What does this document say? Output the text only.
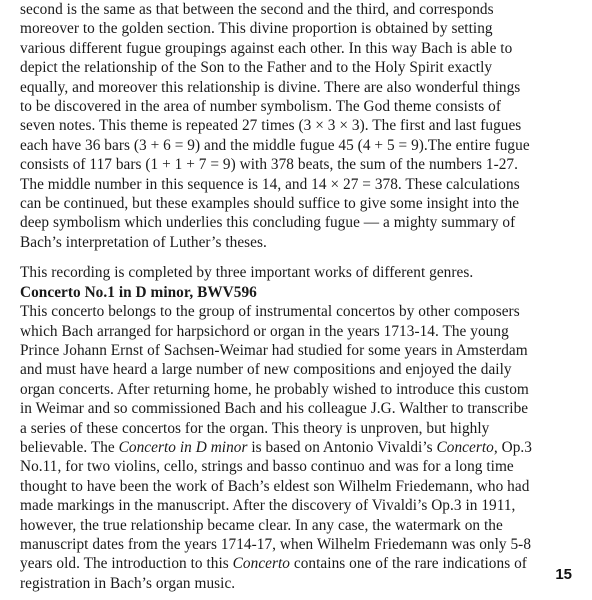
second is the same as that between the second and the third, and corresponds
moreover to the golden section. This divine proportion is obtained by setting
various different fugue groupings against each other. In this way Bach is able to
depict the relationship of the Son to the Father and to the Holy Spirit exactly
equally, and moreover this relationship is divine. There are also wonderful things
to be discovered in the area of number symbolism. The God theme consists of
seven notes. This theme is repeated 27 times (3 × 3 × 3). The first and last fugues
each have 36 bars (3 + 6 = 9) and the middle fugue 45 (4 + 5 = 9).The entire fugue
consists of 117 bars (1 + 1 + 7 = 9) with 378 beats, the sum of the numbers 1-27.
The middle number in this sequence is 14, and 14 × 27 = 378. These calculations
can be continued, but these examples should suffice to give some insight into the
deep symbolism which underlies this concluding fugue — a mighty summary of
Bach’s interpretation of Luther’s theses.
This recording is completed by three important works of different genres.
Concerto No.1 in D minor, BWV596
This concerto belongs to the group of instrumental concertos by other composers
which Bach arranged for harpsichord or organ in the years 1713-14. The young
Prince Johann Ernst of Sachsen-Weimar had studied for some years in Amsterdam
and must have heard a large number of new compositions and enjoyed the daily
organ concerts. After returning home, he probably wished to introduce this custom
in Weimar and so commissioned Bach and his colleague J.G. Walther to transcribe
a series of these concertos for the organ. This theory is unproven, but highly
believable. The Concerto in D minor is based on Antonio Vivaldi’s Concerto, Op.3
No.11, for two violins, cello, strings and basso continuo and was for a long time
thought to have been the work of Bach’s eldest son Wilhelm Friedemann, who had
made markings in the manuscript. After the discovery of Vivaldi’s Op.3 in 1911,
however, the true relationship became clear. In any case, the watermark on the
manuscript dates from the years 1714-17, when Wilhelm Friedemann was only 5-8
years old. The introduction to this Concerto contains one of the rare indications of
registration in Bach’s organ music.
15
